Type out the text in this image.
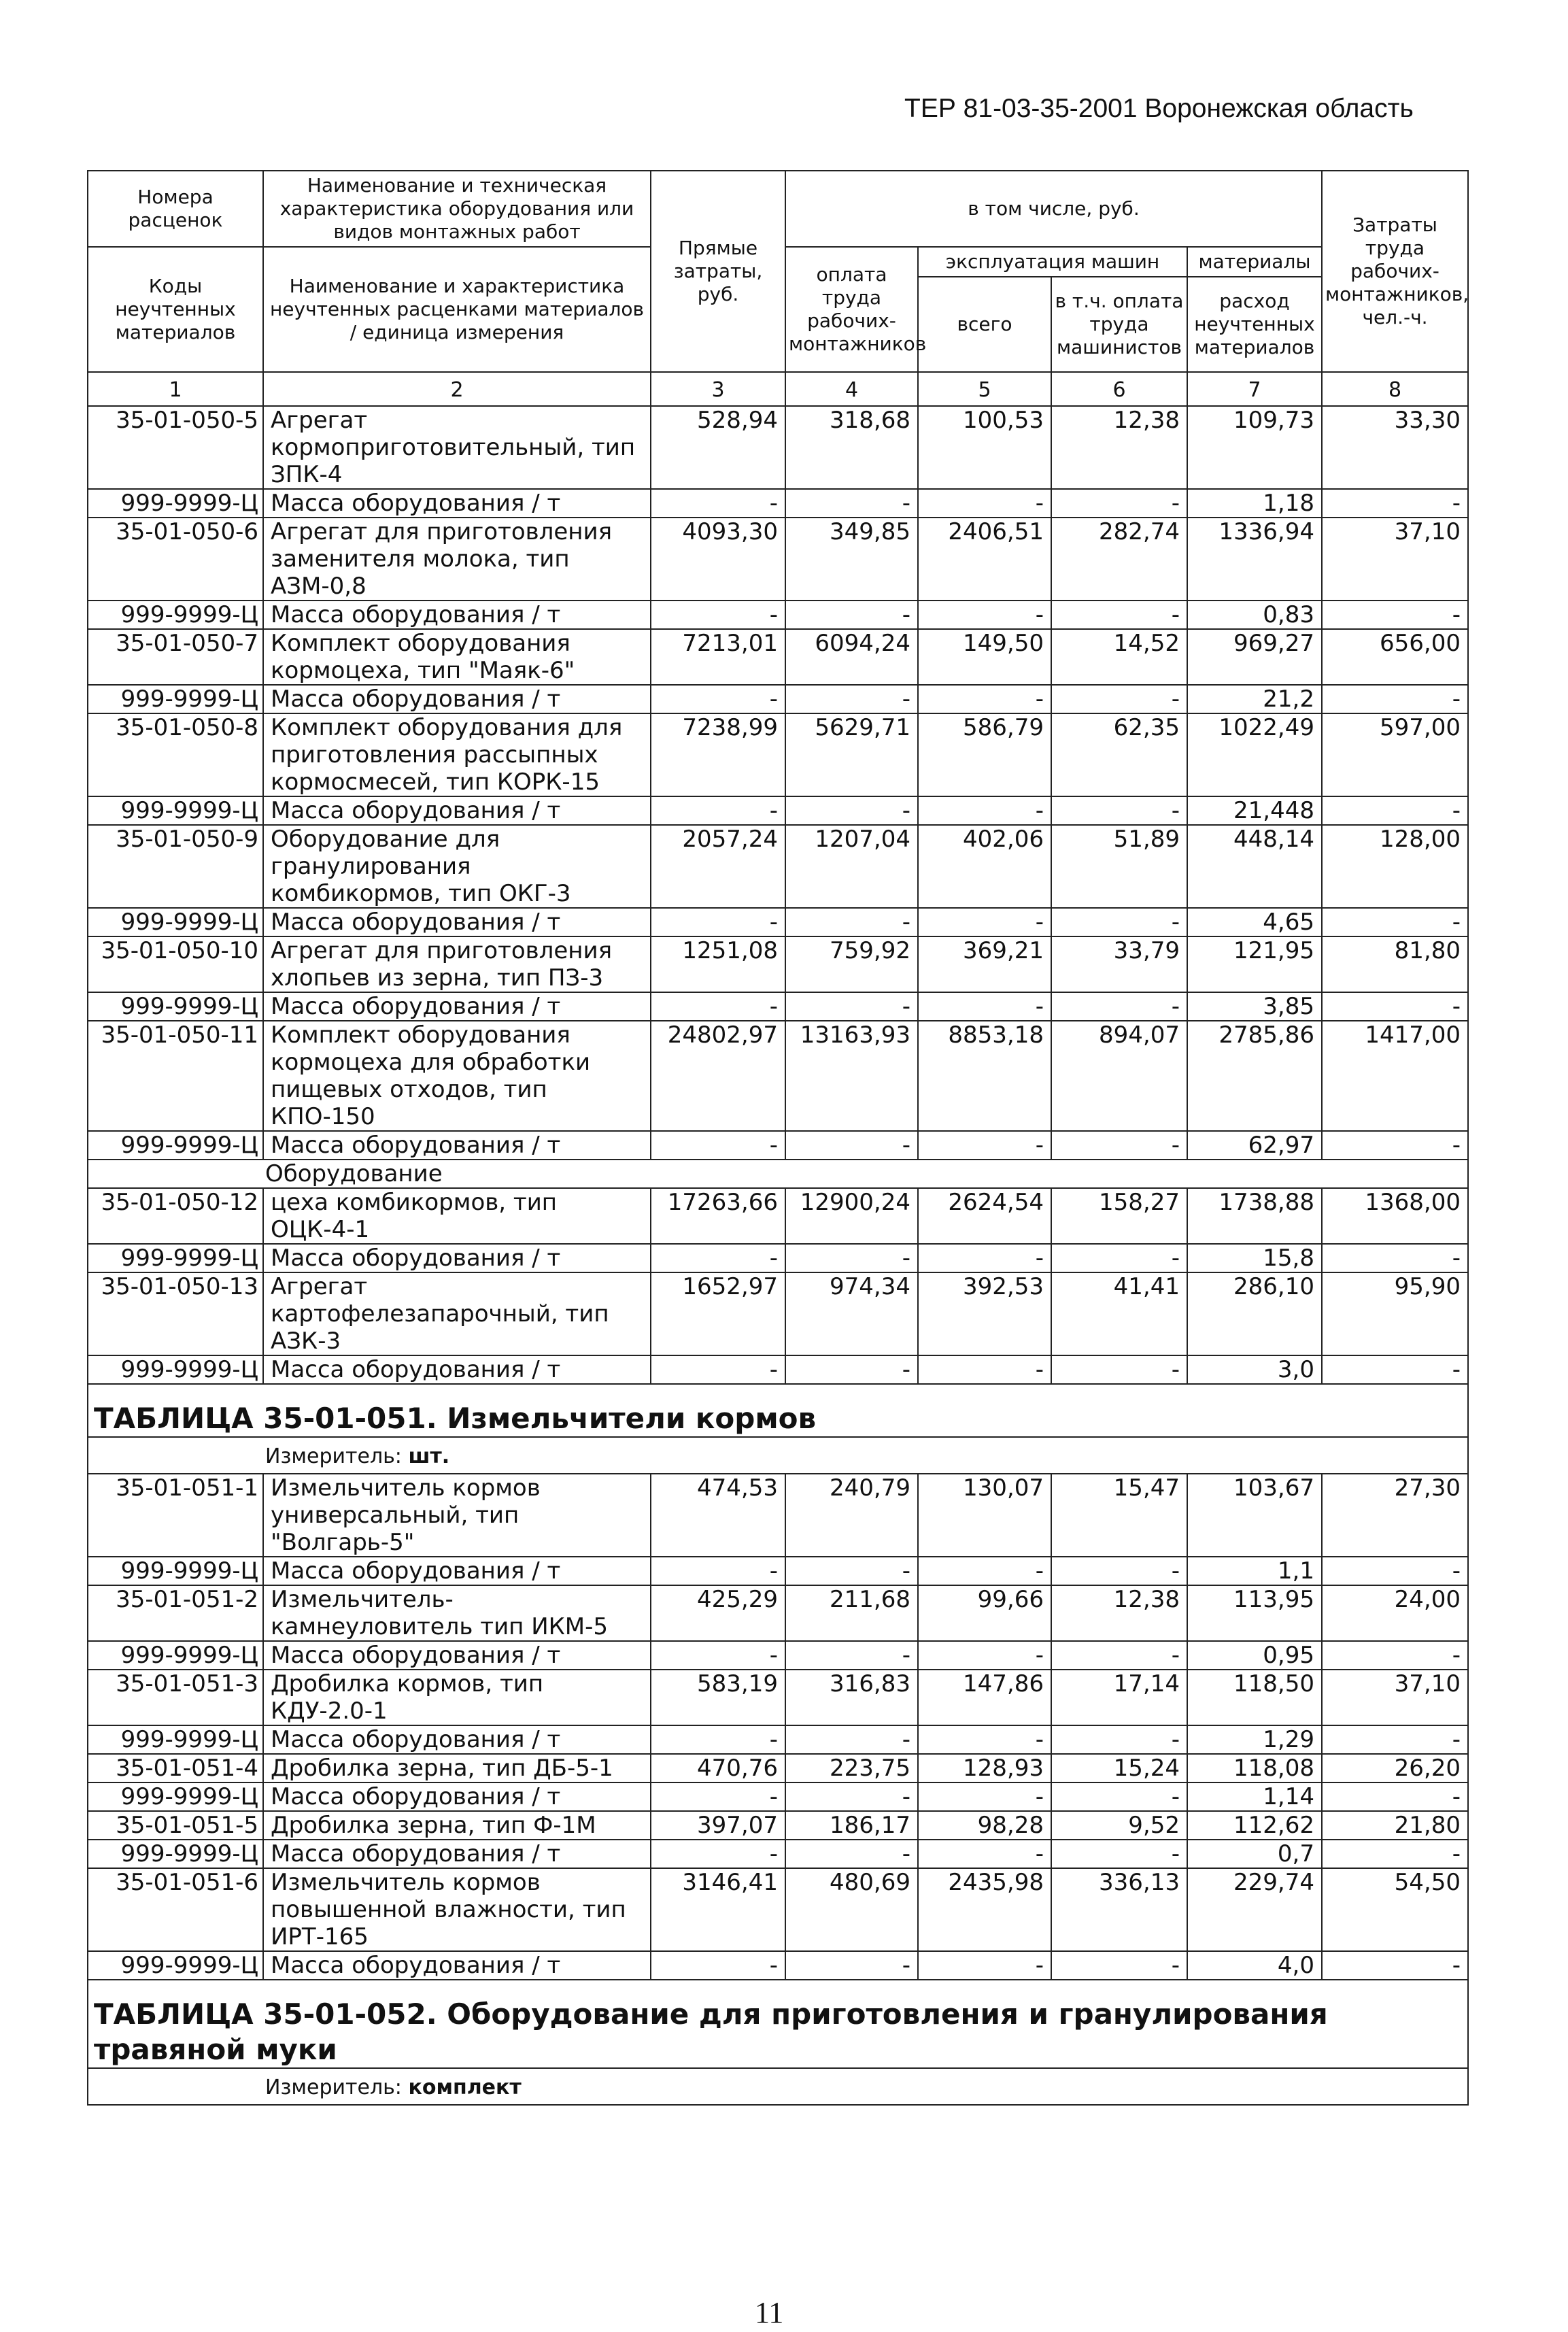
ТЕР 81-03-35-2001 Воронежская область
Номера расценок	Наименование и техническая характеристика оборудования или видов монтажных работ	Прямые затраты, руб.	в том числе, руб.				Затраты труда рабочих-монтажников, чел.-ч.
Коды неучтенных материалов	Наименование и характеристика неучтенных расценками материалов / единица измерения		оплата труда рабочих-монтажников	эксплуатация машин		материалы	
				всего	в т.ч. оплата труда машинистов	расход неучтенных материалов	
1	2	3	4	5	6	7	8
35-01-050-5	Агрегат кормоприготовительный, тип ЗПК-4	528,94	318,68	100,53	12,38	109,73	33,30
999-9999-Ц	Масса оборудования / т	-	-	-	-	1,18	-
35-01-050-6	Агрегат для приготовления заменителя молока, тип АЗМ-0,8	4093,30	349,85	2406,51	282,74	1336,94	37,10
999-9999-Ц	Масса оборудования / т	-	-	-	-	0,83	-
35-01-050-7	Комплект оборудования кормоцеха, тип "Маяк-6"	7213,01	6094,24	149,50	14,52	969,27	656,00
999-9999-Ц	Масса оборудования / т	-	-	-	-	21,2	-
35-01-050-8	Комплект оборудования для приготовления рассыпных кормосмесей, тип КОРК-15	7238,99	5629,71	586,79	62,35	1022,49	597,00
999-9999-Ц	Масса оборудования / т	-	-	-	-	21,448	-
35-01-050-9	Оборудование для гранулирования комбикормов, тип ОКГ-3	2057,24	1207,04	402,06	51,89	448,14	128,00
999-9999-Ц	Масса оборудования / т	-	-	-	-	4,65	-
35-01-050-10	Агрегат для приготовления хлопьев из зерна, тип ПЗ-3	1251,08	759,92	369,21	33,79	121,95	81,80
999-9999-Ц	Масса оборудования / т	-	-	-	-	3,85	-
35-01-050-11	Комплект оборудования кормоцеха для обработки пищевых отходов, тип КПО-150	24802,97	13163,93	8853,18	894,07	2785,86	1417,00
999-9999-Ц	Масса оборудования / т	-	-	-	-	62,97	-
Оборудование							
35-01-050-12	цеха комбикормов, тип ОЦК-4-1	17263,66	12900,24	2624,54	158,27	1738,88	1368,00
999-9999-Ц	Масса оборудования / т	-	-	-	-	15,8	-
35-01-050-13	Агрегат картофелезапарочный, тип АЗК-3	1652,97	974,34	392,53	41,41	286,10	95,90
999-9999-Ц	Масса оборудования / т	-	-	-	-	3,0	-
ТАБЛИЦА 35-01-051. Измельчители кормов							
Измеритель: шт.							
35-01-051-1	Измельчитель кормов универсальный, тип "Волгарь-5"	474,53	240,79	130,07	15,47	103,67	27,30
999-9999-Ц	Масса оборудования / т	-	-	-	-	1,1	-
35-01-051-2	Измельчитель-камнеуловитель тип ИКМ-5	425,29	211,68	99,66	12,38	113,95	24,00
999-9999-Ц	Масса оборудования / т	-	-	-	-	0,95	-
35-01-051-3	Дробилка кормов, тип КДУ-2.0-1	583,19	316,83	147,86	17,14	118,50	37,10
999-9999-Ц	Масса оборудования / т	-	-	-	-	1,29	-
35-01-051-4	Дробилка зерна, тип ДБ-5-1	470,76	223,75	128,93	15,24	118,08	26,20
999-9999-Ц	Масса оборудования / т	-	-	-	-	1,14	-
35-01-051-5	Дробилка зерна, тип Ф-1М	397,07	186,17	98,28	9,52	112,62	21,80
999-9999-Ц	Масса оборудования / т	-	-	-	-	0,7	-
35-01-051-6	Измельчитель кормов повышенной влажности, тип ИРТ-165	3146,41	480,69	2435,98	336,13	229,74	54,50
999-9999-Ц	Масса оборудования / т	-	-	-	-	4,0	-
ТАБЛИЦА 35-01-052. Оборудование для приготовления и гранулирования травяной муки							
Измеритель: комплект							
11
